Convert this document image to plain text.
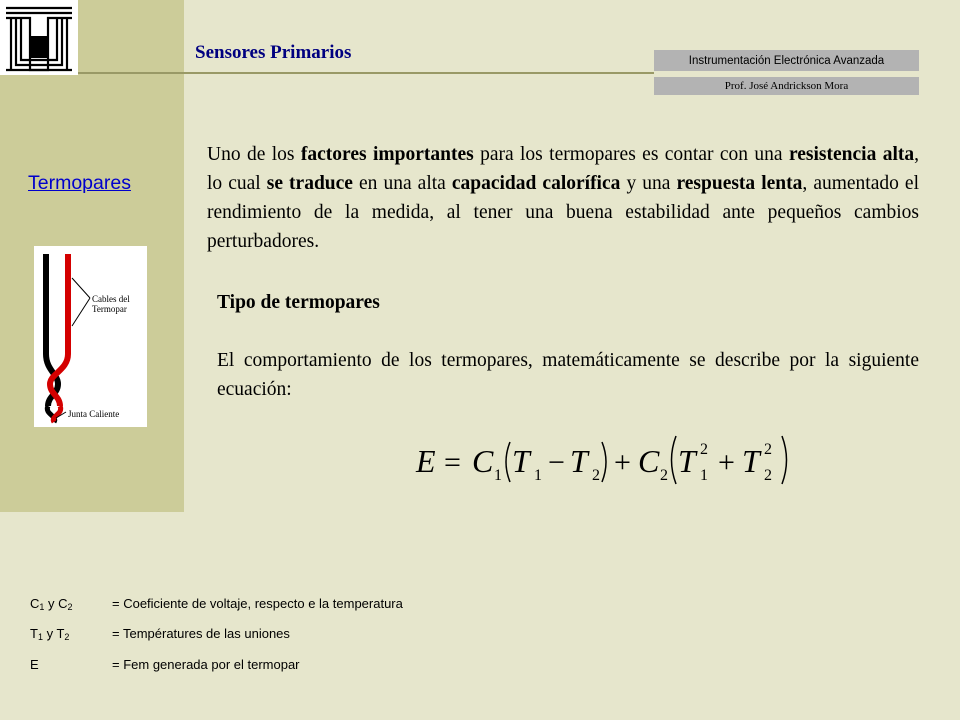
Sensores Primarios	Instrumentación Electrónica Avanzada
Prof. José Andrickson Mora
Termopares
Cables del
Termopar
Junta Caliente
Uno de los factores importantes para los termopares es contar con una resistencia alta, lo cual se traduce en una alta capacidad calorífica y una respuesta lenta, aumentado el rendimiento de la medida, al tener una buena estabilidad ante pequeños cambios perturbadores.
Tipo de termopares
El comportamiento de los termopares, matemáticamente se describe por la siguiente ecuación:
E = C 1 T 1 − T 2 + C 2 T 1
2 + T 2
2
$C_1$ y $C_2$	= Coeficiente de voltaje, respecto e la temperatura
$T_1$ y $T_2$	= Températures de las uniones
E	= Fem generada por el termopar
